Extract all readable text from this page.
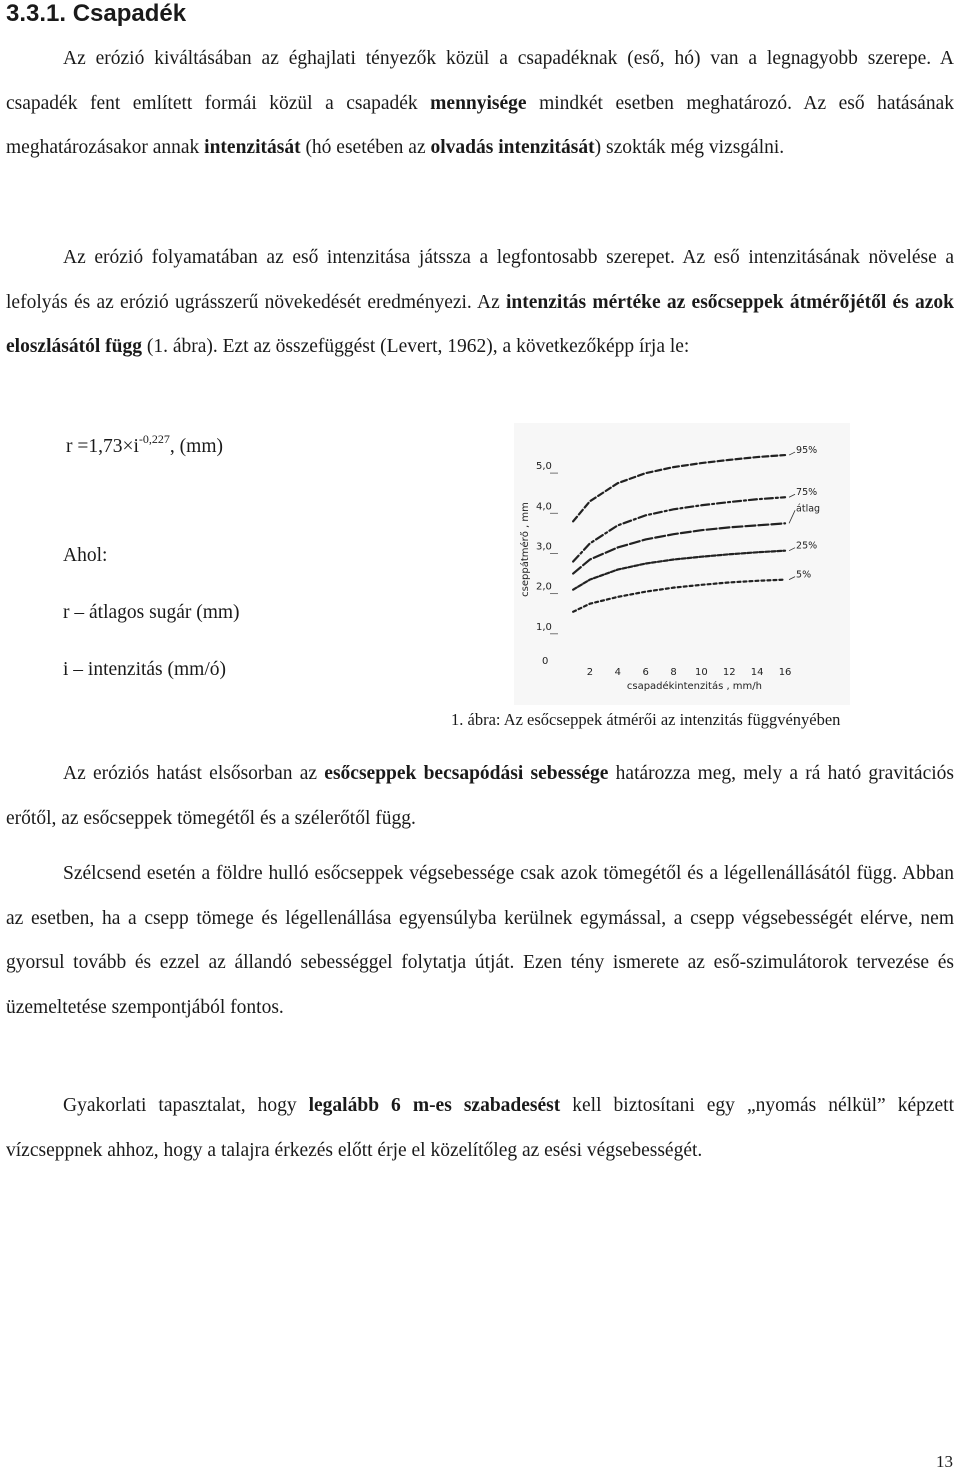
3.3.1. Csapadék

Az erózió kiváltásában az éghajlati tényezők közül a csapadéknak (eső, hó) van a legnagyobb szerepe. A csapadék fent említett formái közül a csapadék mennyisége mindkét esetben meghatározó. Az eső hatásának meghatározásakor annak intenzitását (hó esetében az olvadás intenzitását) szokták még vizsgálni.

Az erózió folyamatában az eső intenzitása játssza a legfontosabb szerepet. Az eső intenzitásának növelése a lefolyás és az erózió ugrásszerű növekedését eredményezi. Az intenzitás mértéke az esőcseppek átmérőjétől és azok eloszlásától függ (1. ábra). Ezt az összefüggést (Levert, 1962), a következőképp írja le:

$r =1,73\times i^{-0,227}$, (mm)
Ahol:
r – átlagos sugár (mm)
i – intenzitás (mm/ó)
1,0
2,0
3,0
4,0
5,0
0
2 4 6 8 10 12 14 16
csapadékintenzitás , mm/h
cseppátmérő , mm
95%
75%
átlag
25%
5%
1. ábra: Az esőcseppek átmérői az intenzitás függvényében

Az eróziós hatást elsősorban az esőcseppek becsapódási sebessége határozza meg, mely a rá ható gravitációs erőtől, az esőcseppek tömegétől és a szélerőtől függ.

Szélcsend esetén a földre hulló esőcseppek végsebessége csak azok tömegétől és a légellenállásától függ. Abban az esetben, ha a csepp tömege és légellenállása egyensúlyba kerülnek egymással, a csepp végsebességét elérve, nem gyorsul tovább és ezzel az állandó sebességgel folytatja útját. Ezen tény ismerete az eső-szimulátorok tervezése és üzemeltetése szempontjából fontos.

Gyakorlati tapasztalat, hogy legalább 6 m-es szabadesést kell biztosítani egy „nyomás nélkül” képzett vízcseppnek ahhoz, hogy a talajra érkezés előtt érje el közelítőleg az esési végsebességét.

13
